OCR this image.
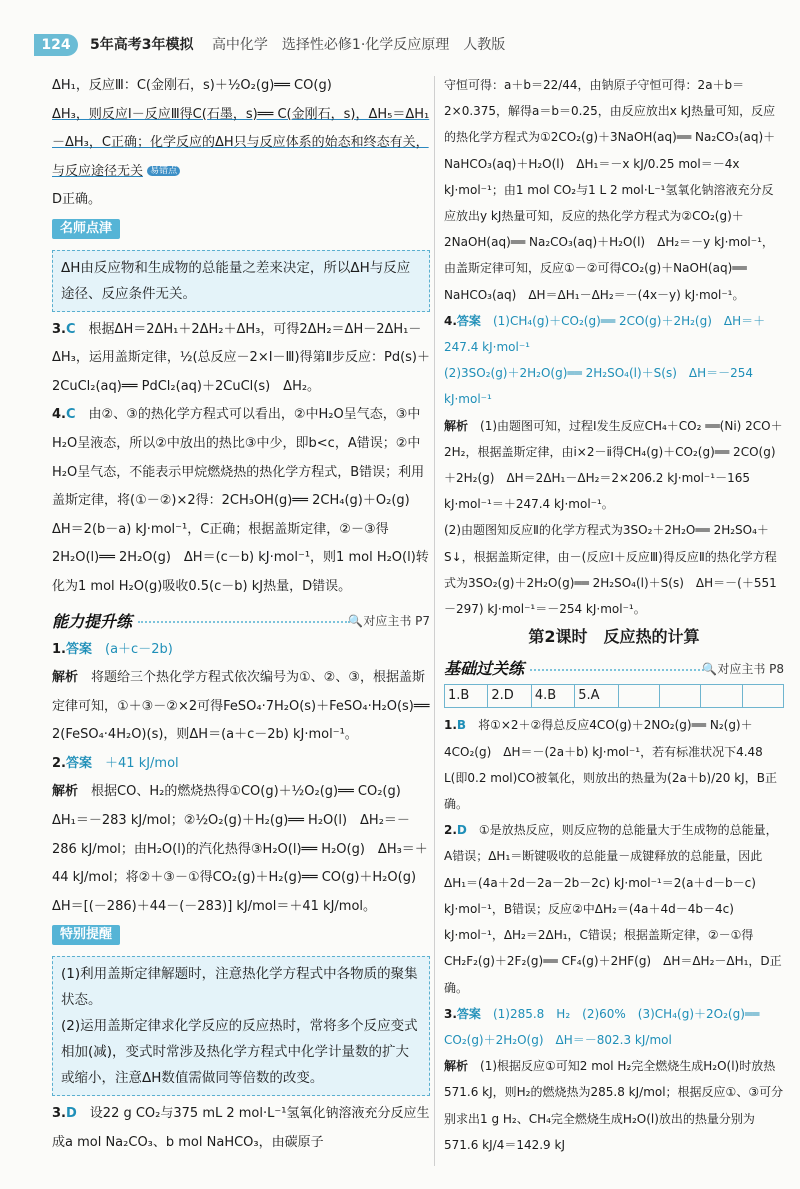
124	5年高考3年模拟 高中化学　选择性必修1·化学反应原理　人教版

ΔH₁，反应Ⅲ：C(金刚石，s)＋½O₂(g)══ CO(g)

ΔH₃，则反应Ⅰ－反应Ⅲ得C(石墨，s)══ C(金刚石，s)，ΔH₅＝ΔH₁－ΔH₃，C正确；化学反应的ΔH只与反应体系的始态和终态有关，与反应途径无关 易错点

D正确。

名师点津
ΔH由反应物和生成物的总能量之差来决定，所以ΔH与反应途径、反应条件无关。

3.C　 根据ΔH＝2ΔH₁＋2ΔH₂＋ΔH₃，可得2ΔH₂＝ΔH－2ΔH₁－ΔH₃，运用盖斯定律，½(总反应－2×Ⅰ－Ⅲ)得第Ⅱ步反应：Pd(s)＋2CuCl₂(aq)══ PdCl₂(aq)＋2CuCl(s)　ΔH₂。

4.C　 由②、③的热化学方程式可以看出，②中H₂O呈气态，③中H₂O呈液态，所以②中放出的热比③中少，即b<c，A错误；②中H₂O呈气态，不能表示甲烷燃烧热的热化学方程式，B错误；利用盖斯定律，将(①－②)×2得：2CH₃OH(g)══ 2CH₄(g)＋O₂(g)　ΔH＝2(b－a) kJ·mol⁻¹，C正确；根据盖斯定律，②－③得2H₂O(l)══ 2H₂O(g)　ΔH＝(c－b) kJ·mol⁻¹，则1 mol H₂O(l)转化为1 mol H₂O(g)吸收0.5(c－b) kJ热量，D错误。

能力提升练	🔍对应主书 P7

1.答案　 (a＋c－2b)

解析　 将题给三个热化学方程式依次编号为①、②、③，根据盖斯定律可知，①＋③－②×2可得FeSO₄·7H₂O(s)＋FeSO₄·H₂O(s)══ 2(FeSO₄·4H₂O)(s)，则ΔH＝(a＋c－2b) kJ·mol⁻¹。

2.答案　 ＋41 kJ/mol

解析　 根据CO、H₂的燃烧热得①CO(g)＋½O₂(g)══ CO₂(g)　ΔH₁＝－283 kJ/mol；②½O₂(g)＋H₂(g)══ H₂O(l)　ΔH₂＝－286 kJ/mol；由H₂O(l)的汽化热得③H₂O(l)══ H₂O(g)　ΔH₃＝＋44 kJ/mol；将②＋③－①得CO₂(g)＋H₂(g)══ CO(g)＋H₂O(g)　ΔH＝[(－286)＋44－(－283)] kJ/mol＝＋41 kJ/mol。

特别提醒
(1)利用盖斯定律解题时，注意热化学方程式中各物质的聚集状态。
(2)运用盖斯定律求化学反应的反应热时，常将多个反应变式相加(减)，变式时常涉及热化学方程式中化学计量数的扩大或缩小，注意ΔH数值需做同等倍数的改变。

3.D　 设22 g CO₂与375 mL 2 mol·L⁻¹氢氧化钠溶液充分反应生成a mol Na₂CO₃、b mol NaHCO₃，由碳原子

守恒可得：a＋b＝22/44，由钠原子守恒可得：2a＋b＝2×0.375，解得a＝b＝0.25，由反应放出x kJ热量可知，反应的热化学方程式为①2CO₂(g)＋3NaOH(aq)══ Na₂CO₃(aq)＋NaHCO₃(aq)＋H₂O(l)　ΔH₁＝－x kJ/0.25 mol＝－4x kJ·mol⁻¹；由1 mol CO₂与1 L 2 mol·L⁻¹氢氧化钠溶液充分反应放出y kJ热量可知，反应的热化学方程式为②CO₂(g)＋2NaOH(aq)══ Na₂CO₃(aq)＋H₂O(l)　ΔH₂＝－y kJ·mol⁻¹，由盖斯定律可知，反应①－②可得CO₂(g)＋NaOH(aq)══ NaHCO₃(aq)　ΔH＝ΔH₁－ΔH₂＝－(4x－y) kJ·mol⁻¹。

4.答案　 (1)CH₄(g)＋CO₂(g)══ 2CO(g)＋2H₂(g)　ΔH＝＋247.4 kJ·mol⁻¹

(2)3SO₂(g)＋2H₂O(g)══ 2H₂SO₄(l)＋S(s)　ΔH＝－254 kJ·mol⁻¹

解析　 (1)由题图可知，过程Ⅰ发生反应CH₄＋CO₂ ══(Ni) 2CO＋2H₂，根据盖斯定律，由ⅰ×2－ⅱ得CH₄(g)＋CO₂(g)══ 2CO(g)＋2H₂(g)　ΔH＝2ΔH₁－ΔH₂＝2×206.2 kJ·mol⁻¹－165 kJ·mol⁻¹＝＋247.4 kJ·mol⁻¹。

(2)由题图知反应Ⅱ的化学方程式为3SO₂＋2H₂O══ 2H₂SO₄＋S↓，根据盖斯定律，由－(反应Ⅰ＋反应Ⅲ)得反应Ⅱ的热化学方程式为3SO₂(g)＋2H₂O(g)══ 2H₂SO₄(l)＋S(s)　ΔH＝－(＋551－297) kJ·mol⁻¹＝－254 kJ·mol⁻¹。

第2课时　反应热的计算
基础过关练	🔍对应主书 P8
1.B	2.D	4.B	5.A				

1.B　 将①×2＋②得总反应4CO(g)＋2NO₂(g)══ N₂(g)＋4CO₂(g)　ΔH＝－(2a＋b) kJ·mol⁻¹，若有标准状况下4.48 L(即0.2 mol)CO被氧化，则放出的热量为(2a＋b)/20 kJ，B正确。

2.D　 ①是放热反应，则反应物的总能量大于生成物的总能量，A错误；ΔH₁＝断键吸收的总能量－成键释放的总能量，因此ΔH₁＝(4a＋2d－2a－2b－2c) kJ·mol⁻¹＝2(a＋d－b－c) kJ·mol⁻¹，B错误；反应②中ΔH₂＝(4a＋4d－4b－4c) kJ·mol⁻¹，ΔH₂＝2ΔH₁，C错误；根据盖斯定律，②－①得CH₂F₂(g)＋2F₂(g)══ CF₄(g)＋2HF(g)　ΔH＝ΔH₂－ΔH₁，D正确。

3.答案　 (1)285.8　H₂　(2)60%　(3)CH₄(g)＋2O₂(g)══ CO₂(g)＋2H₂O(g)　ΔH＝－802.3 kJ/mol

解析　 (1)根据反应①可知2 mol H₂完全燃烧生成H₂O(l)时放热571.6 kJ，则H₂的燃烧热为285.8 kJ/mol；根据反应①、③可分别求出1 g H₂、CH₄完全燃烧生成H₂O(l)放出的热量分别为571.6 kJ/4＝142.9 kJ
